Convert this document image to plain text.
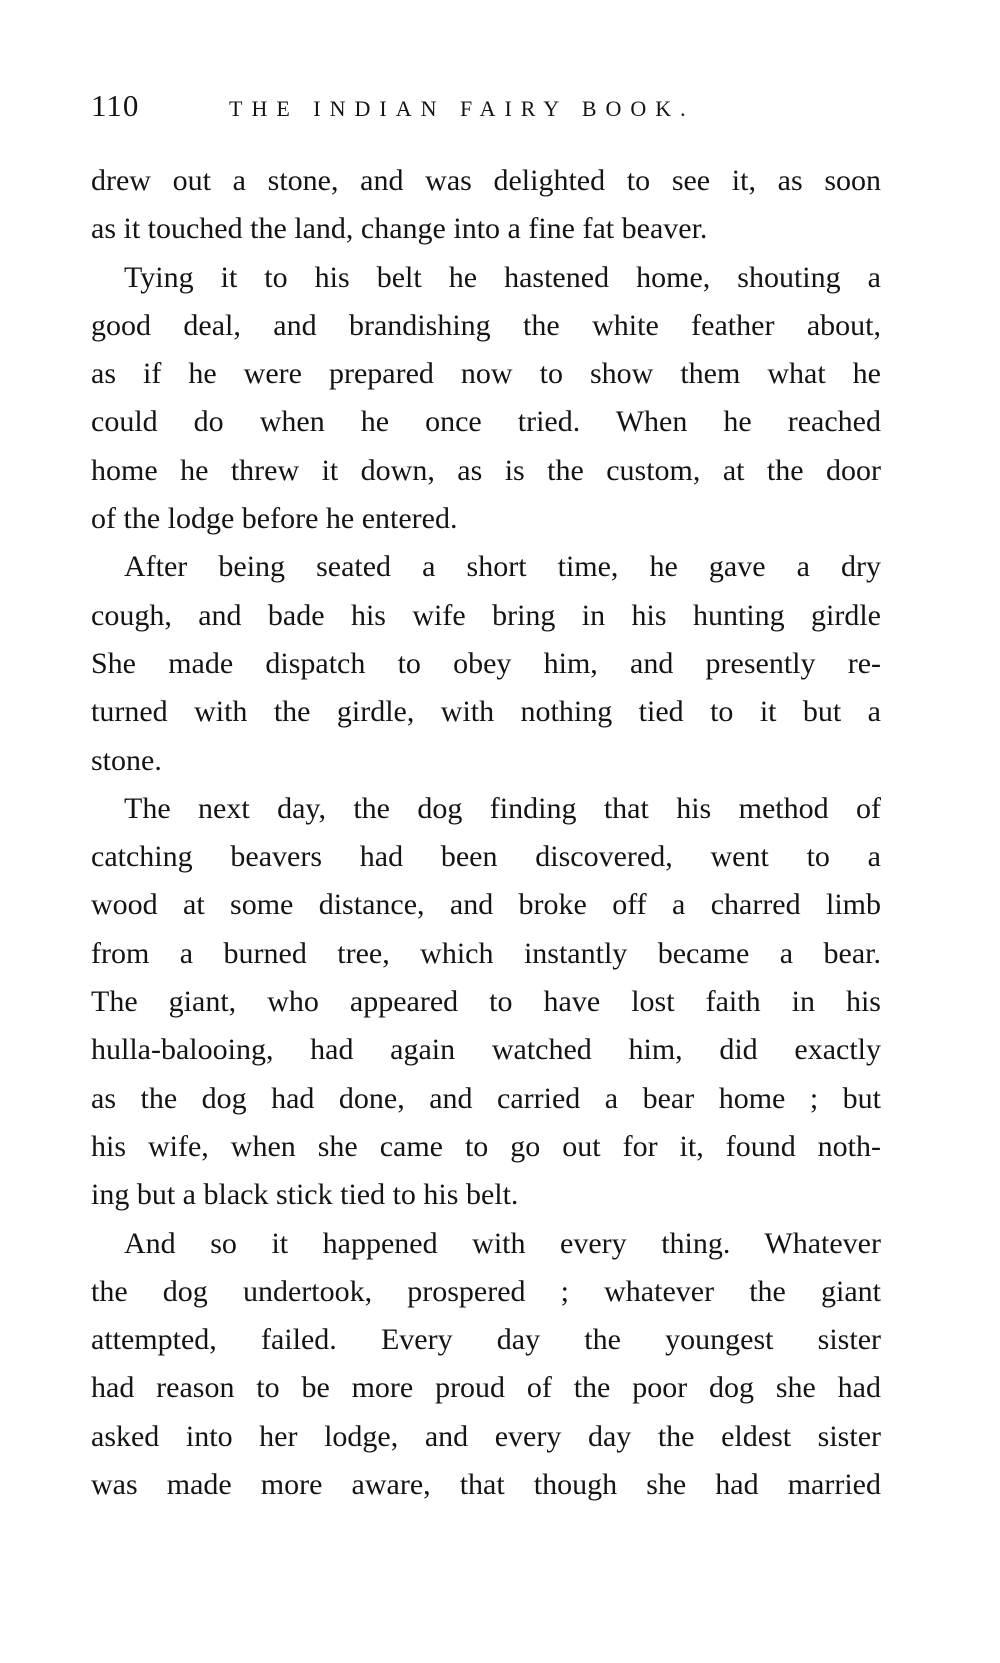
110	THE INDIAN FAIRY BOOK.
drew out a stone, and was delighted to see it, as soon
as it touched the land, change into a fine fat beaver.
Tying it to his belt he hastened home, shouting a
good deal, and brandishing the white feather about,
as if he were prepared now to show them what he
could do when he once tried. When he reached
home he threw it down, as is the custom, at the door
of the lodge before he entered.
After being seated a short time, he gave a dry
cough, and bade his wife bring in his hunting girdle
She made dispatch to obey him, and presently re-
turned with the girdle, with nothing tied to it but a
stone.
The next day, the dog finding that his method of
catching beavers had been discovered, went to a
wood at some distance, and broke off a charred limb
from a burned tree, which instantly became a bear.
The giant, who appeared to have lost faith in his
hulla-balooing, had again watched him, did exactly
as the dog had done, and carried a bear home ; but
his wife, when she came to go out for it, found noth-
ing but a black stick tied to his belt.
And so it happened with every thing. Whatever
the dog undertook, prospered ; whatever the giant
attempted, failed. Every day the youngest sister
had reason to be more proud of the poor dog she had
asked into her lodge, and every day the eldest sister
was made more aware, that though she had married
